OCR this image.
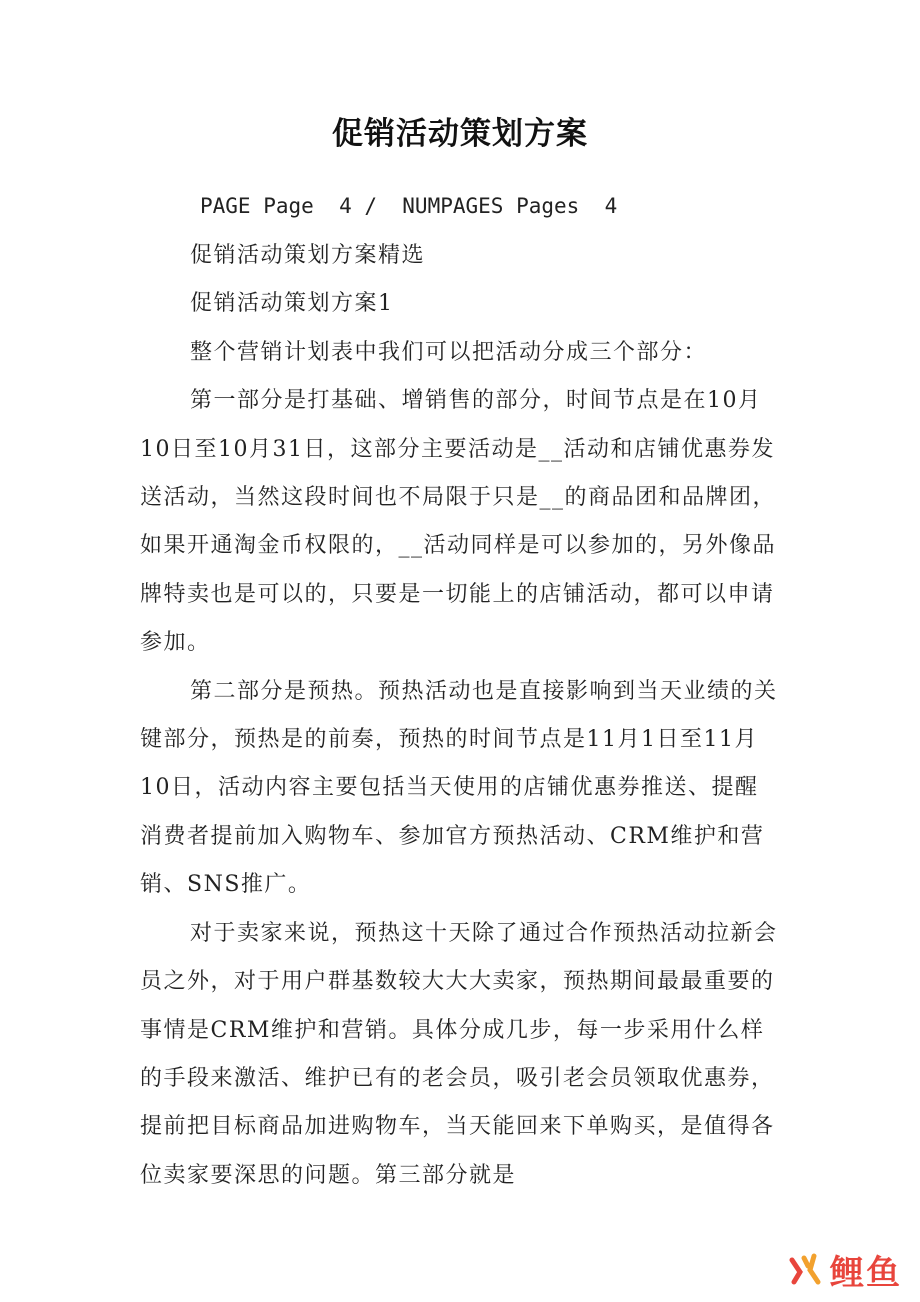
促销活动策划方案
PAGE Page  4 /  NUMPAGES Pages  4

促销活动策划方案精选

促销活动策划方案1

整个营销计划表中我们可以把活动分成三个部分：

第一部分是打基础、增销售的部分，时间节点是在10月10日至10月31日，这部分主要活动是__活动和店铺优惠券发送活动，当然这段时间也不局限于只是__的商品团和品牌团，如果开通淘金币权限的，__活动同样是可以参加的，另外像品牌特卖也是可以的，只要是一切能上的店铺活动，都可以申请参加。

第二部分是预热。预热活动也是直接影响到当天业绩的关键部分，预热是的前奏，预热的时间节点是11月1日至11月10日，活动内容主要包括当天使用的店铺优惠券推送、提醒消费者提前加入购物车、参加官方预热活动、CRM维护和营销、SNS推广。

对于卖家来说，预热这十天除了通过合作预热活动拉新会员之外，对于用户群基数较大大大卖家，预热期间最最重要的事情是CRM维护和营销。具体分成几步，每一步采用什么样的手段来激活、维护已有的老会员，吸引老会员领取优惠券，提前把目标商品加进购物车，当天能回来下单购买，是值得各位卖家要深思的问题。第三部分就是

鲤鱼
